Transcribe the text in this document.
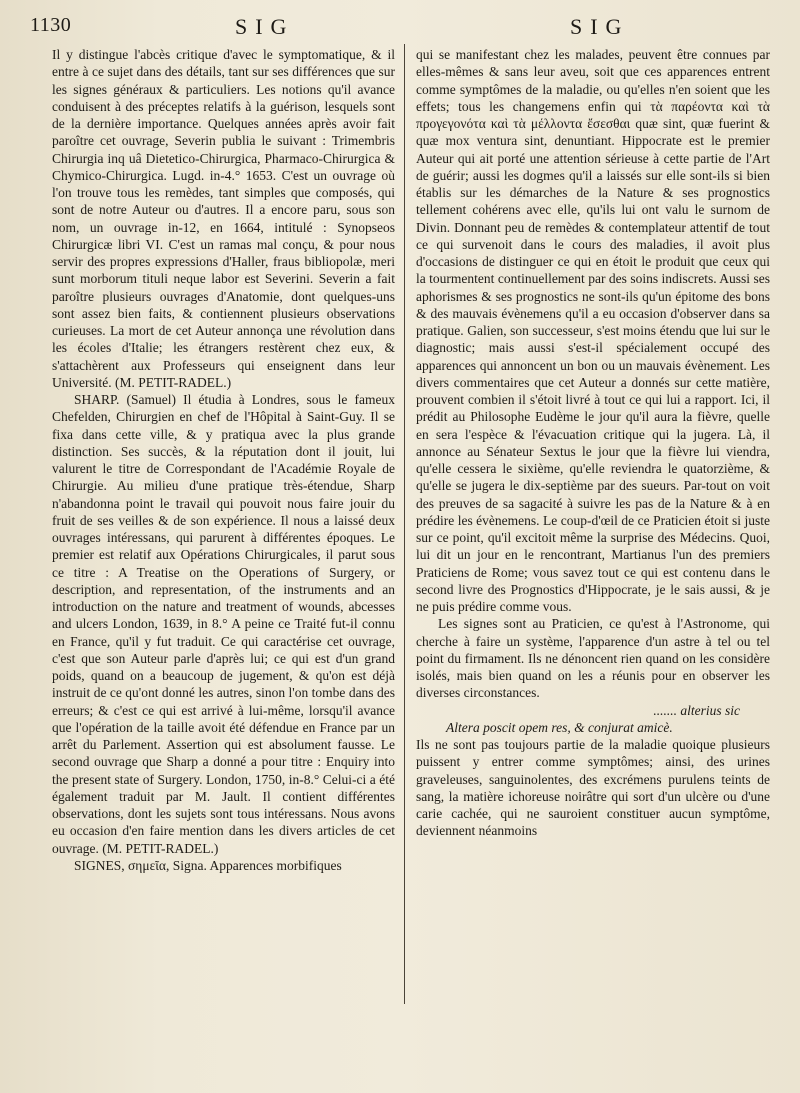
1130	SIG	SIG

Il y distingue l'abcès critique d'avec le symptomatique, & il entre à ce sujet dans des détails, tant sur ses différences que sur les signes généraux & particuliers. Les notions qu'il avance conduisent à des préceptes relatifs à la guérison, lesquels sont de la dernière importance. Quelques années après avoir fait paroître cet ouvrage, Severin publia le suivant : Trimembris Chirurgia inq uâ Dietetico-Chirurgica, Pharmaco-Chirurgica & Chymico-Chirurgica. Lugd. in-4.° 1653. C'est un ouvrage où l'on trouve tous les remèdes, tant simples que composés, qui sont de notre Auteur ou d'autres. Il a encore paru, sous son nom, un ouvrage in-12, en 1664, intitulé : Synopseos Chirurgicæ libri VI. C'est un ramas mal conçu, & pour nous servir des propres expressions d'Haller, fraus bibliopolæ, meri sunt morborum tituli neque labor est Severini. Severin a fait paroître plusieurs ouvrages d'Anatomie, dont quelques-uns sont assez bien faits, & contiennent plusieurs observations curieuses. La mort de cet Auteur annonça une révolution dans les écoles d'Italie; les étrangers restèrent chez eux, & s'attachèrent aux Professeurs qui enseignent dans leur Université. (M. PETIT-RADEL.)

SHARP. (Samuel) Il étudia à Londres, sous le fameux Chefelden, Chirurgien en chef de l'Hôpital à Saint-Guy. Il se fixa dans cette ville, & y pratiqua avec la plus grande distinction. Ses succès, & la réputation dont il jouit, lui valurent le titre de Correspondant de l'Académie Royale de Chirurgie. Au milieu d'une pratique très-étendue, Sharp n'abandonna point le travail qui pouvoit nous faire jouir du fruit de ses veilles & de son expérience. Il nous a laissé deux ouvrages intéressans, qui parurent à différentes époques. Le premier est relatif aux Opérations Chirurgicales, il parut sous ce titre : A Treatise on the Operations of Surgery, or description, and representation, of the instruments and an introduction on the nature and treatment of wounds, abcesses and ulcers London, 1639, in 8.° A peine ce Traité fut-il connu en France, qu'il y fut traduit. Ce qui caractérise cet ouvrage, c'est que son Auteur parle d'après lui; ce qui est d'un grand poids, quand on a beaucoup de jugement, & qu'on est déjà instruit de ce qu'ont donné les autres, sinon l'on tombe dans des erreurs; & c'est ce qui est arrivé à lui-même, lorsqu'il avance que l'opération de la taille avoit été défendue en France par un arrêt du Parlement. Assertion qui est absolument fausse. Le second ouvrage que Sharp a donné a pour titre : Enquiry into the present state of Surgery. London, 1750, in-8.° Celui-ci a été également traduit par M. Jault. Il contient différentes observations, dont les sujets sont tous intéressans. Nous avons eu occasion d'en faire mention dans les divers articles de cet ouvrage. (M. PETIT-RADEL.)

SIGNES, σημεῖα, Signa. Apparences morbifiques

qui se manifestant chez les malades, peuvent être connues par elles-mêmes & sans leur aveu, soit que ces apparences entrent comme symptômes de la maladie, ou qu'elles n'en soient que les effets; tous les changemens enfin qui τὰ παρέοντα καὶ τὰ προγεγονότα καὶ τὰ μέλλοντα ἔσεσθαι quæ sint, quæ fuerint & quæ mox ventura sint, denuntiant. Hippocrate est le premier Auteur qui ait porté une attention sérieuse à cette partie de l'Art de guérir; aussi les dogmes qu'il a laissés sur elle sont-ils si bien établis sur les démarches de la Nature & ses prognostics tellement cohérens avec elle, qu'ils lui ont valu le surnom de Divin. Donnant peu de remèdes & contemplateur attentif de tout ce qui survenoit dans le cours des maladies, il avoit plus d'occasions de distinguer ce qui en étoit le produit que ceux qui la tourmentent continuellement par des soins indiscrets. Aussi ses aphorismes & ses prognostics ne sont-ils qu'un épitome des bons & des mauvais évènemens qu'il a eu occasion d'observer dans sa pratique. Galien, son successeur, s'est moins étendu que lui sur le diagnostic; mais aussi s'est-il spécialement occupé des apparences qui annoncent un bon ou un mauvais évènement. Les divers commentaires que cet Auteur a donnés sur cette matière, prouvent combien il s'étoit livré à tout ce qui lui a rapport. Ici, il prédit au Philosophe Eudème le jour qu'il aura la fièvre, quelle en sera l'espèce & l'évacuation critique qui la jugera. Là, il annonce au Sénateur Sextus le jour que la fièvre lui viendra, qu'elle cessera le sixième, qu'elle reviendra le quatorzième, & qu'elle se jugera le dix-septième par des sueurs. Par-tout on voit des preuves de sa sagacité à suivre les pas de la Nature & à en prédire les évènemens. Le coup-d'œil de ce Praticien étoit si juste sur ce point, qu'il excitoit même la surprise des Médecins. Quoi, lui dit un jour en le rencontrant, Martianus l'un des premiers Praticiens de Rome; vous savez tout ce qui est contenu dans le second livre des Prognostics d'Hippocrate, je le sais aussi, & je ne puis prédire comme vous.

Les signes sont au Praticien, ce qu'est à l'Astronome, qui cherche à faire un système, l'apparence d'un astre à tel ou tel point du firmament. Ils ne dénoncent rien quand on les considère isolés, mais bien quand on les a réunis pour en observer les diverses circonstances.

....... alterius sic

Altera poscit opem res, & conjurat amicè.

Ils ne sont pas toujours partie de la maladie quoique plusieurs puissent y entrer comme symptômes; ainsi, des urines graveleuses, sanguinolentes, des excrémens purulens teints de sang, la matière ichoreuse noirâtre qui sort d'un ulcère ou d'une carie cachée, qui ne sauroient constituer aucun symptôme, deviennent néanmoins
